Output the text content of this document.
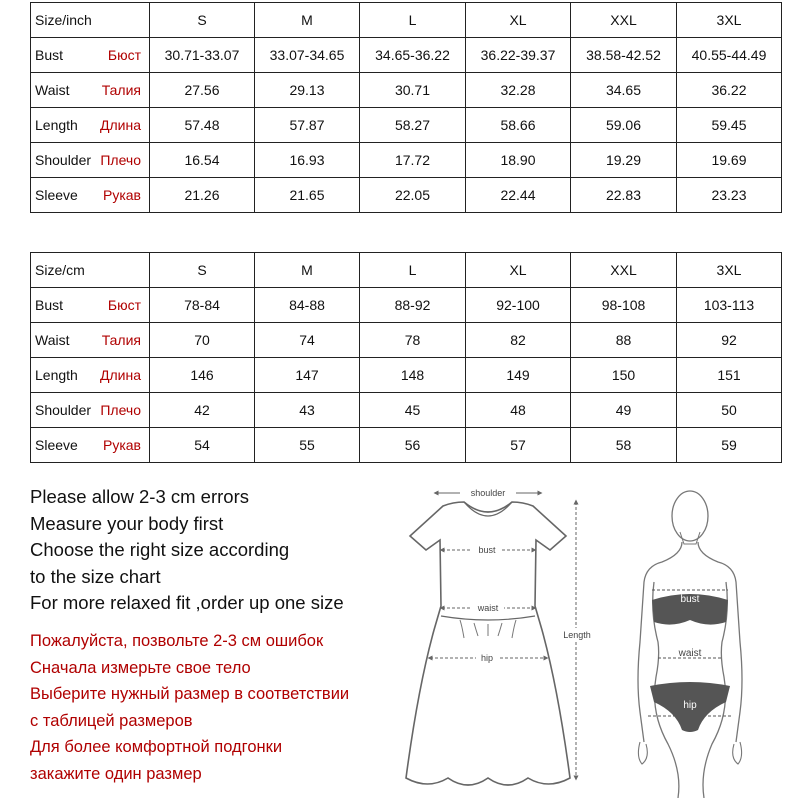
Size/inch	S	M	L	XL	XXL	3XL

Bust Бюст	30.71-33.07	33.07-34.65	34.65-36.22	36.22-39.37	38.58-42.52	40.55-44.49

Waist Талия	27.56	29.13	30.71	32.28	34.65	36.22

Length Длина	57.48	57.87	58.27	58.66	59.06	59.45

Shoulder Плечо	16.54	16.93	17.72	18.90	19.29	19.69

Sleeve Рукав	21.26	21.65	22.05	22.44	22.83	23.23
Size/cm	S	M	L	XL	XXL	3XL

Bust Бюст	78-84	84-88	88-92	92-100	98-108	103-113

Waist Талия	70	74	78	82	88	92

Length Длина	146	147	148	149	150	151

Shoulder Плечо	42	43	45	48	49	50

Sleeve Рукав	54	55	56	57	58	59
Please allow 2-3 cm errors
Measure your body first
Choose the right size according
to the size chart
For more relaxed fit ,order up one size
Пожалуйста, позвольте 2-3 см ошибок
Сначала измерьте свое тело
Выберите нужный размер в соответствии
с таблицей размеров
Для более комфортной подгонки
закажите один размер
shoulder
bust
waist
hip
Length
bust
waist
hip
